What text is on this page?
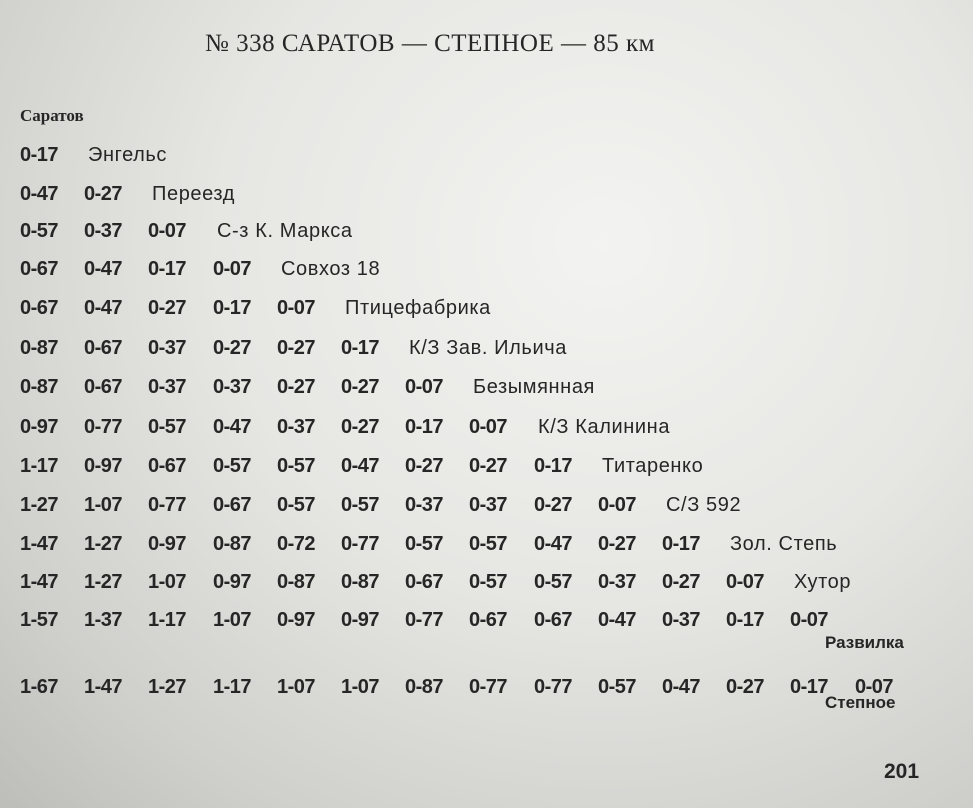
№ 338 САРАТОВ — СТЕПНОЕ — 85 км
Саратов
0-17 Энгельс
0-47 0-27 Переезд
0-57 0-37 0-07 С-з К. Маркса
0-67 0-47 0-17 0-07 Совхоз 18
0-67 0-47 0-27 0-17 0-07 Птицефабрика
0-87 0-67 0-37 0-27 0-27 0-17 К/З Зав. Ильича
0-87 0-67 0-37 0-37 0-27 0-27 0-07 Безымянная
0-97 0-77 0-57 0-47 0-37 0-27 0-17 0-07 К/З Калинина
1-17 0-97 0-67 0-57 0-57 0-47 0-27 0-27 0-17 Титаренко
1-27 1-07 0-77 0-67 0-57 0-57 0-37 0-37 0-27 0-07 С/З 592
1-47 1-27 0-97 0-87 0-72 0-77 0-57 0-57 0-47 0-27 0-17 Зол. Степь
1-47 1-27 1-07 0-97 0-87 0-87 0-67 0-57 0-57 0-37 0-27 0-07 Хутор
1-57 1-37 1-17 1-07 0-97 0-97 0-77 0-67 0-67 0-47 0-37 0-17 0-07
Развилка
1-67 1-47 1-27 1-17 1-07 1-07 0-87 0-77 0-77 0-57 0-47 0-27 0-17 0-07
Степное
201
